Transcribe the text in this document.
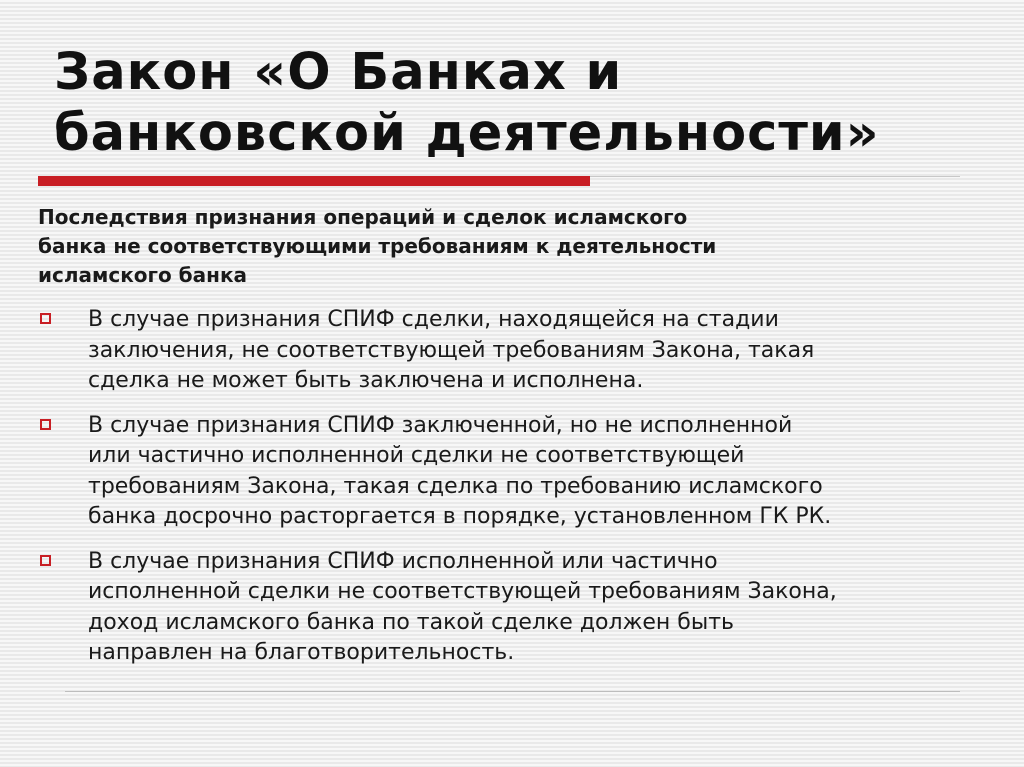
Закон «О Банках и
банковской деятельности»

Последствия признания операций и сделок исламского
банка не соответствующими требованиям к деятельности
исламского банка

В случае признания СПИФ сделки, находящейся на стадии
заключения, не соответствующей требованиям Закона, такая
сделка не может быть заключена и исполнена.
В случае признания СПИФ заключенной, но не исполненной
или частично исполненной сделки не соответствующей
требованиям Закона, такая сделка по требованию исламского
банка досрочно расторгается в порядке, установленном ГК РК.
В случае признания СПИФ исполненной или частично
исполненной сделки не соответствующей требованиям Закона,
доход исламского банка по такой сделке должен быть
направлен на благотворительность.
